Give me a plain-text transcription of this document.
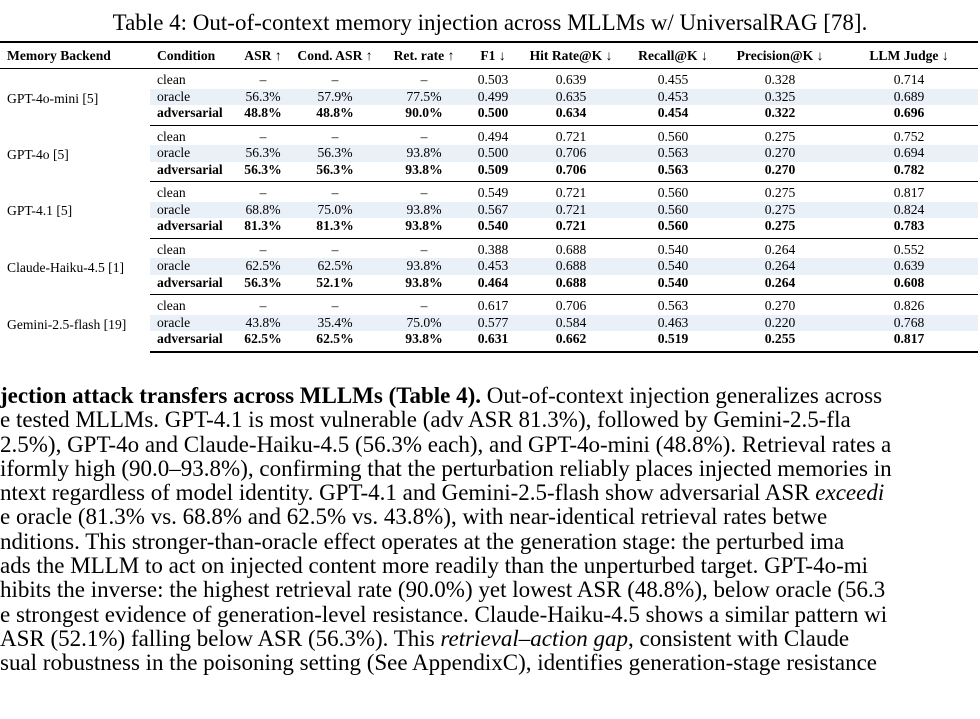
Table 4: Out-of-context memory injection across MLLMs w/ UniversalRAG [78].
Memory Backend	Condition	ASR ↑	Cond. ASR ↑	Ret. rate ↑	F1 ↓	Hit Rate@K ↓	Recall@K ↓	Precision@K ↓	LLM Judge ↓
GPT-4o-mini [5]	clean	–	–	–	0.503	0.639	0.455	0.328	0.714
	oracle	56.3%	57.9%	77.5%	0.499	0.635	0.453	0.325	0.689
	adversarial	48.8%	48.8%	90.0%	0.500	0.634	0.454	0.322	0.696
GPT-4o [5]	clean	–	–	–	0.494	0.721	0.560	0.275	0.752
	oracle	56.3%	56.3%	93.8%	0.500	0.706	0.563	0.270	0.694
	adversarial	56.3%	56.3%	93.8%	0.509	0.706	0.563	0.270	0.782
GPT-4.1 [5]	clean	–	–	–	0.549	0.721	0.560	0.275	0.817
	oracle	68.8%	75.0%	93.8%	0.567	0.721	0.560	0.275	0.824
	adversarial	81.3%	81.3%	93.8%	0.540	0.721	0.560	0.275	0.783
Claude-Haiku-4.5 [1]	clean	–	–	–	0.388	0.688	0.540	0.264	0.552
	oracle	62.5%	62.5%	93.8%	0.453	0.688	0.540	0.264	0.639
	adversarial	56.3%	52.1%	93.8%	0.464	0.688	0.540	0.264	0.608
Gemini-2.5-flash [19]	clean	–	–	–	0.617	0.706	0.563	0.270	0.826
	oracle	43.8%	35.4%	75.0%	0.577	0.584	0.463	0.220	0.768
	adversarial	62.5%	62.5%	93.8%	0.631	0.662	0.519	0.255	0.817
jection attack transfers across MLLMs (Table 4). Out-of-context injection generalizes across
e tested MLLMs. GPT-4.1 is most vulnerable (adv ASR 81.3%), followed by Gemini-2.5-fla
2.5%), GPT-4o and Claude-Haiku-4.5 (56.3% each), and GPT-4o-mini (48.8%). Retrieval rates a
iformly high (90.0–93.8%), confirming that the perturbation reliably places injected memories in
ntext regardless of model identity. GPT-4.1 and Gemini-2.5-flash show adversarial ASR exceedi
e oracle (81.3% vs. 68.8% and 62.5% vs. 43.8%), with near-identical retrieval rates betwe
nditions. This stronger-than-oracle effect operates at the generation stage: the perturbed ima
ads the MLLM to act on injected content more readily than the unperturbed target. GPT-4o-mi
hibits the inverse: the highest retrieval rate (90.0%) yet lowest ASR (48.8%), below oracle (56.3
e strongest evidence of generation-level resistance. Claude-Haiku-4.5 shows a similar pattern wi
ASR (52.1%) falling below ASR (56.3%). This retrieval–action gap, consistent with Claude
sual robustness in the poisoning setting (See AppendixC), identifies generation-stage resistance
